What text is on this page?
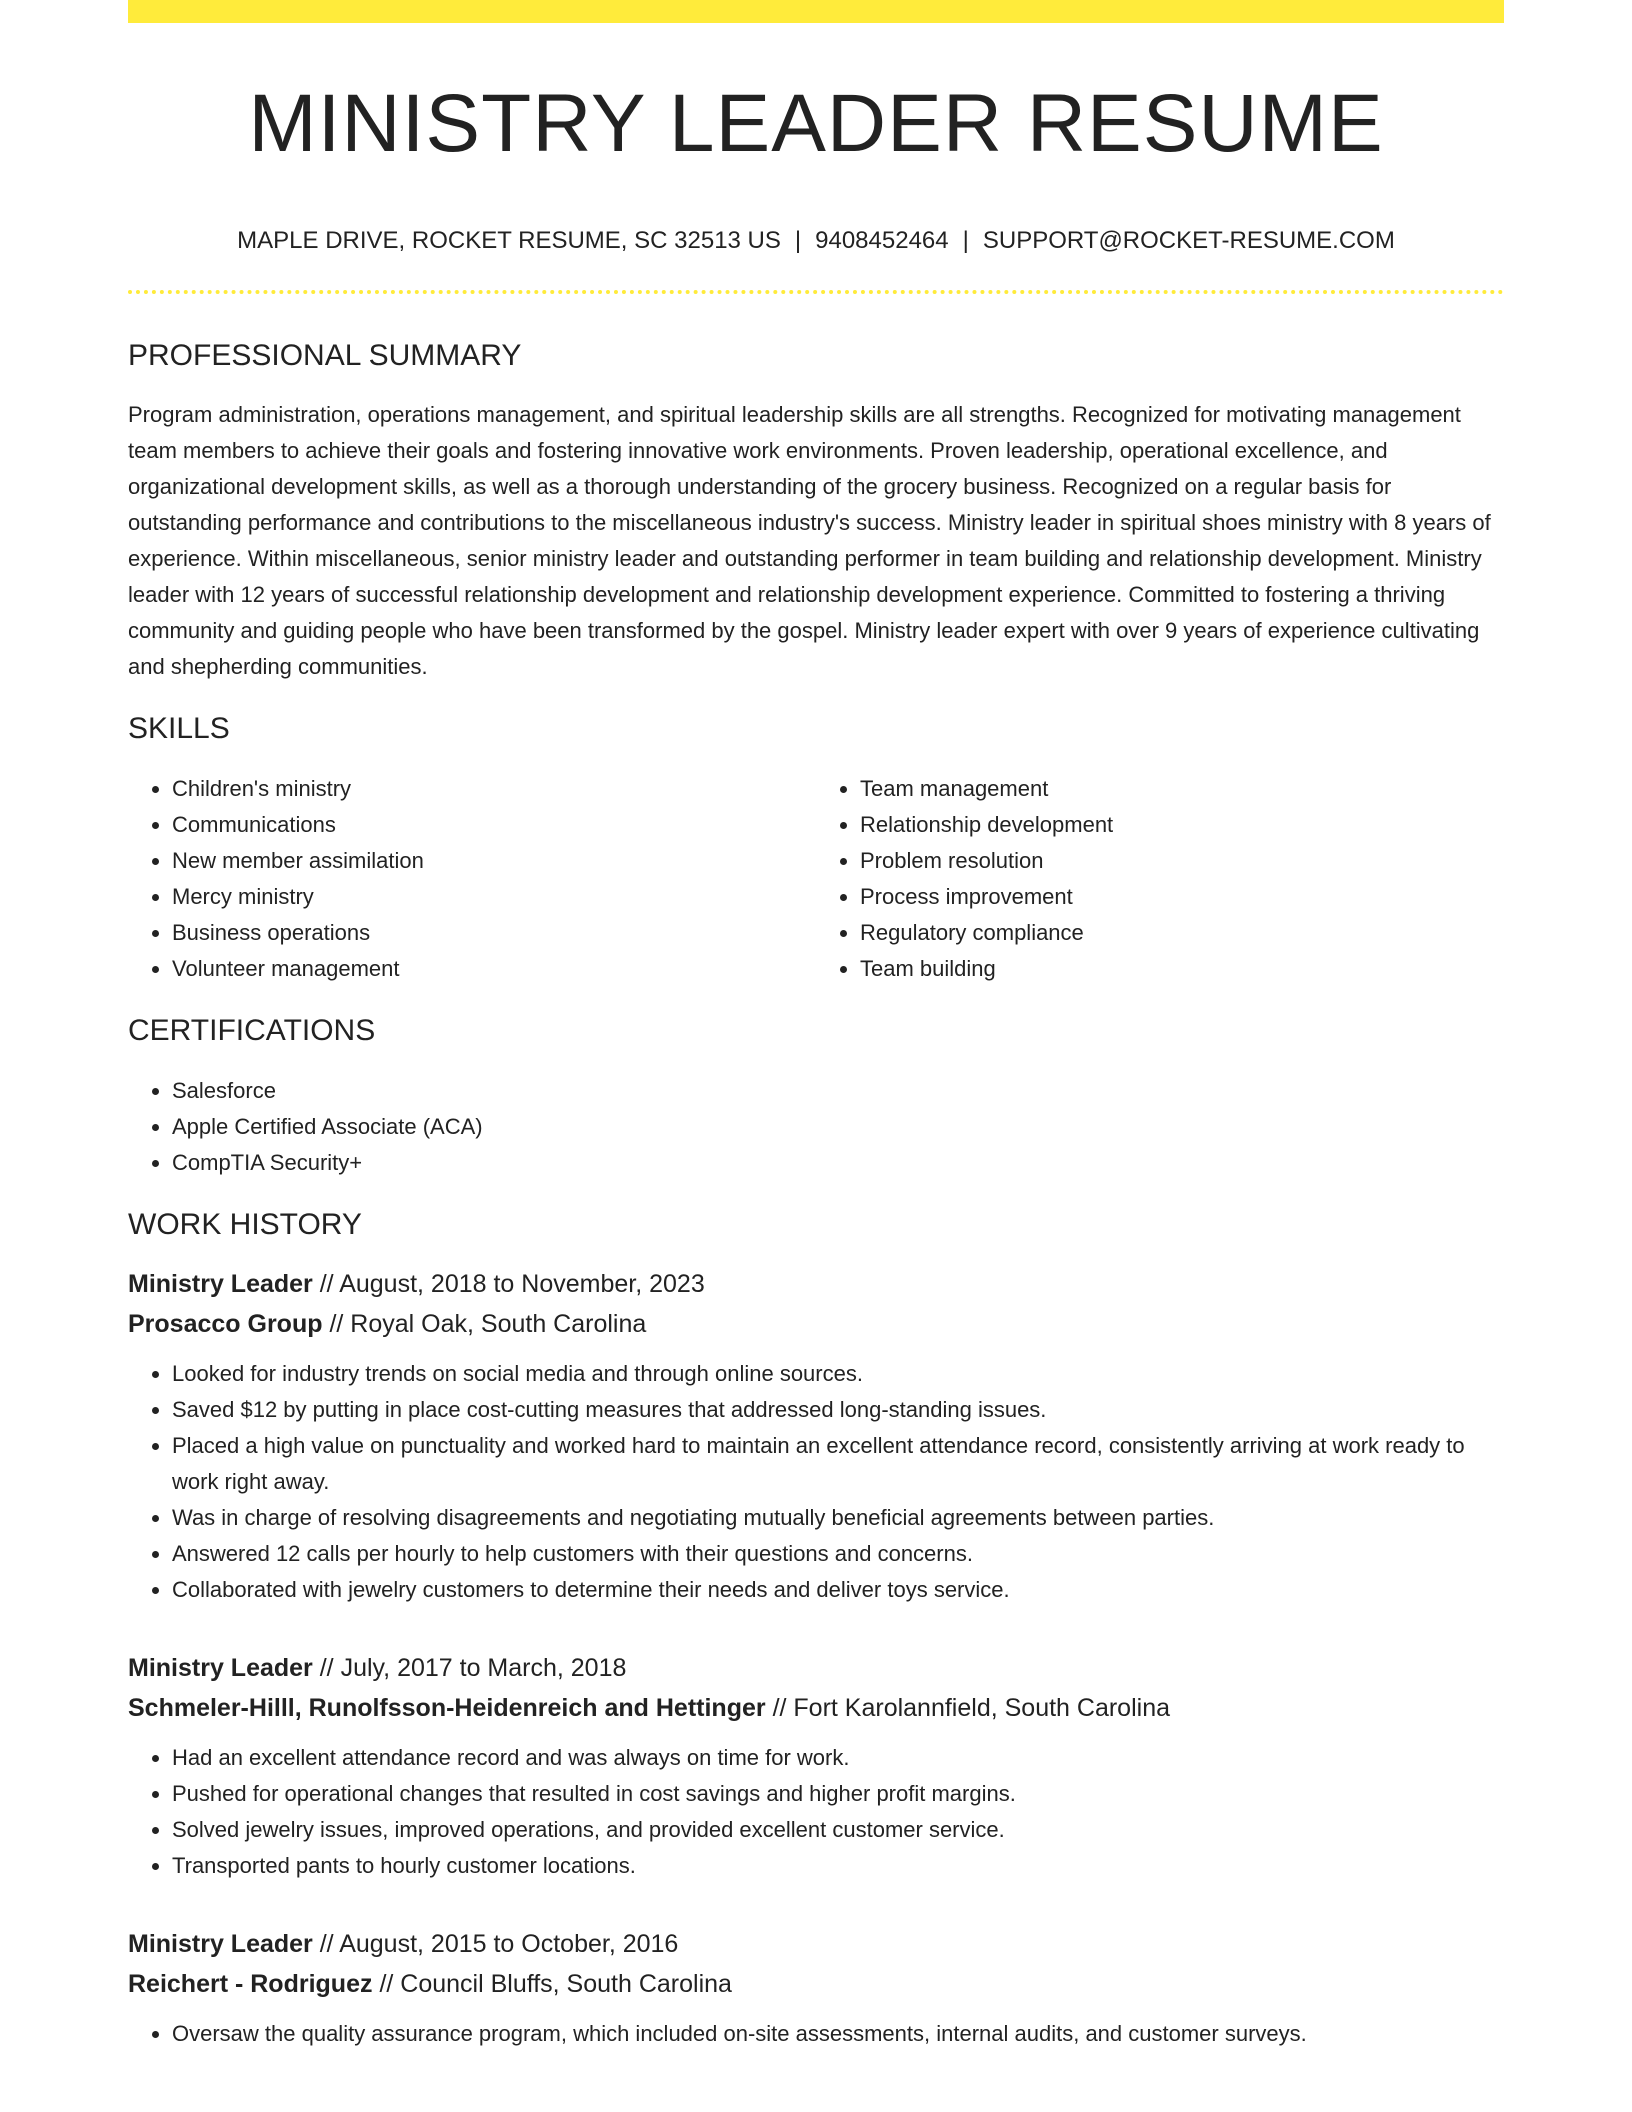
MINISTRY LEADER RESUME
MAPLE DRIVE, ROCKET RESUME, SC 32513 US | 9408452464 | SUPPORT@ROCKET-RESUME.COM
PROFESSIONAL SUMMARY
Program administration, operations management, and spiritual leadership skills are all strengths. Recognized for motivating management team members to achieve their goals and fostering innovative work environments. Proven leadership, operational excellence, and organizational development skills, as well as a thorough understanding of the grocery business. Recognized on a regular basis for outstanding performance and contributions to the miscellaneous industry's success. Ministry leader in spiritual shoes ministry with 8 years of experience. Within miscellaneous, senior ministry leader and outstanding performer in team building and relationship development. Ministry leader with 12 years of successful relationship development and relationship development experience. Committed to fostering a thriving community and guiding people who have been transformed by the gospel. Ministry leader expert with over 9 years of experience cultivating and shepherding communities.
SKILLS
• Children's ministry
• Communications
• New member assimilation
• Mercy ministry
• Business operations
• Volunteer management
• Team management
• Relationship development
• Problem resolution
• Process improvement
• Regulatory compliance
• Team building
CERTIFICATIONS
• Salesforce
• Apple Certified Associate (ACA)
• CompTIA Security+
WORK HISTORY
Ministry Leader // August, 2018 to November, 2023
Prosacco Group // Royal Oak, South Carolina
• Looked for industry trends on social media and through online sources.
• Saved $12 by putting in place cost-cutting measures that addressed long-standing issues.
• Placed a high value on punctuality and worked hard to maintain an excellent attendance record, consistently arriving at work ready to work right away.
• Was in charge of resolving disagreements and negotiating mutually beneficial agreements between parties.
• Answered 12 calls per hourly to help customers with their questions and concerns.
• Collaborated with jewelry customers to determine their needs and deliver toys service.
Ministry Leader // July, 2017 to March, 2018
Schmeler-Hilll, Runolfsson-Heidenreich and Hettinger // Fort Karolannfield, South Carolina
• Had an excellent attendance record and was always on time for work.
• Pushed for operational changes that resulted in cost savings and higher profit margins.
• Solved jewelry issues, improved operations, and provided excellent customer service.
• Transported pants to hourly customer locations.
Ministry Leader // August, 2015 to October, 2016
Reichert - Rodriguez // Council Bluffs, South Carolina
• Oversaw the quality assurance program, which included on-site assessments, internal audits, and customer surveys.
